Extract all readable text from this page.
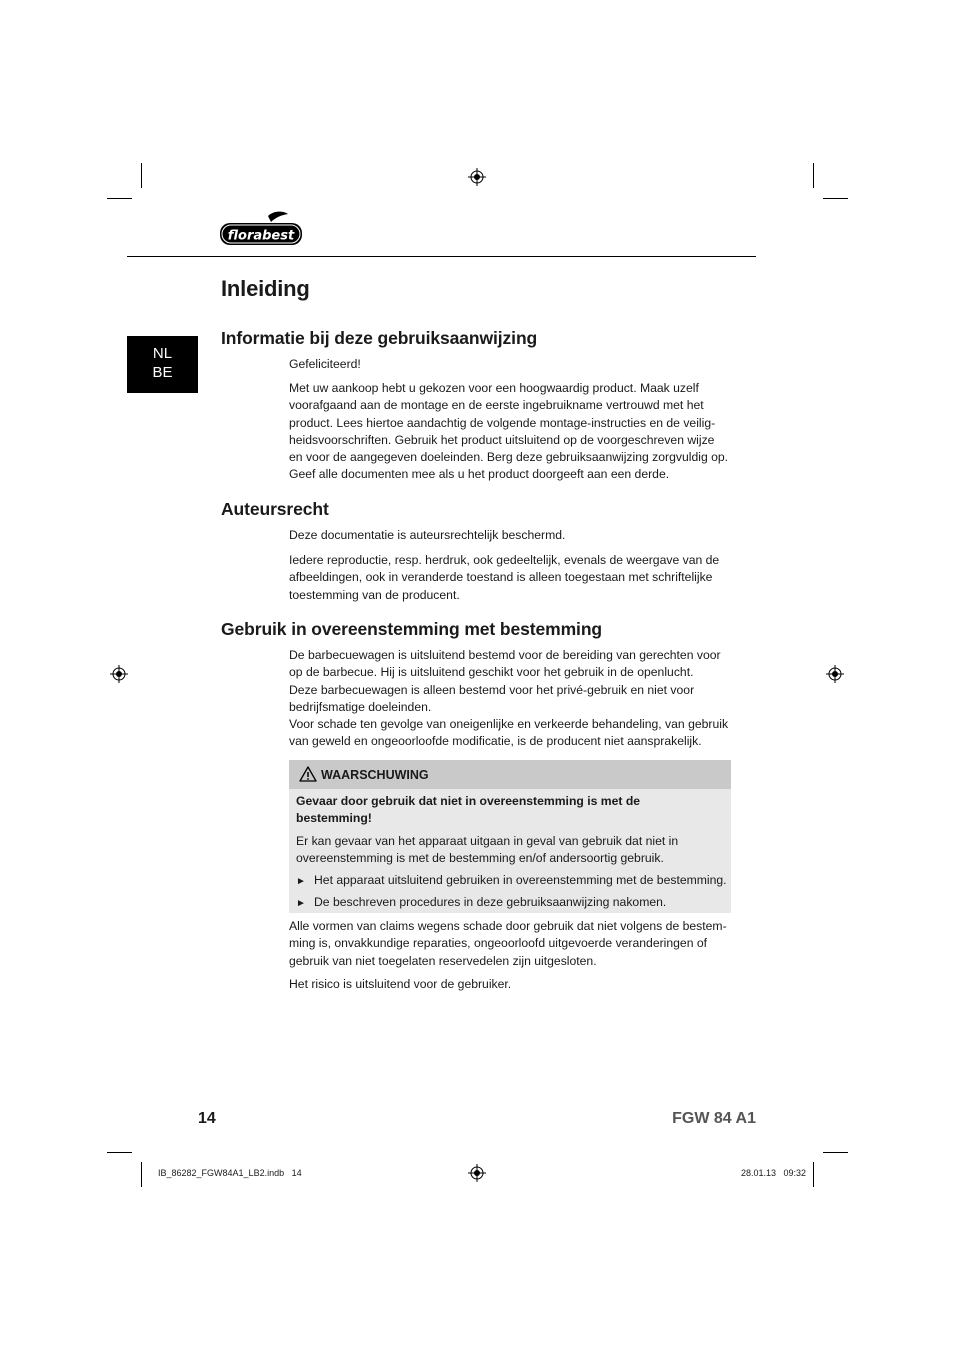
florabest
NL
BE
Inleiding
Informatie bij deze gebruiksaanwijzing

Gefeliciteerd!

Met uw aankoop hebt u gekozen voor een hoogwaardig product. Maak uzelf
voorafgaand aan de montage en de eerste ingebruikname vertrouwd met het
product. Lees hiertoe aandachtig de volgende montage-instructies en de veilig-
heidsvoorschriften. Gebruik het product uitsluitend op de voorgeschreven wijze
en voor de aangegeven doeleinden. Berg deze gebruiksaanwijzing zorgvuldig op.
Geef alle documenten mee als u het product doorgeeft aan een derde.
Auteursrecht

Deze documentatie is auteursrechtelijk beschermd.

Iedere reproductie, resp. herdruk, ook gedeeltelijk, evenals de weergave van de
afbeeldingen, ook in veranderde toestand is alleen toegestaan met schriftelijke
toestemming van de producent.
Gebruik in overeenstemming met bestemming
De barbecuewagen is uitsluitend bestemd voor de bereiding van gerechten voor
op de barbecue. Hij is uitsluitend geschikt voor het gebruik in de openlucht.
Deze barbecuewagen is alleen bestemd voor het privé-gebruik en niet voor
bedrijfsmatige doeleinden.
Voor schade ten gevolge van oneigenlijke en verkeerde behandeling, van gebruik
van geweld en ongeoorloofde modificatie, is de producent niet aansprakelijk.
WAARSCHUWING
Gevaar door gebruik dat niet in overeenstemming is met de
bestemming!
Er kan gevaar van het apparaat uitgaan in geval van gebruik dat niet in
overeenstemming is met de bestemming en/of andersoortig gebruik.
► Het apparaat uitsluitend gebruiken in overeenstemming met de bestemming.
► De beschreven procedures in deze gebruiksaanwijzing nakomen.
Alle vormen van claims wegens schade door gebruik dat niet volgens de bestem-
ming is, onvakkundige reparaties, ongeoorloofd uitgevoerde veranderingen of
gebruik van niet toegelaten reservedelen zijn uitgesloten.

Het risico is uitsluitend voor de gebruiker.

14	FGW 84 A1
IB_86282_FGW84A1_LB2.indb   14	28.01.13   09:32
